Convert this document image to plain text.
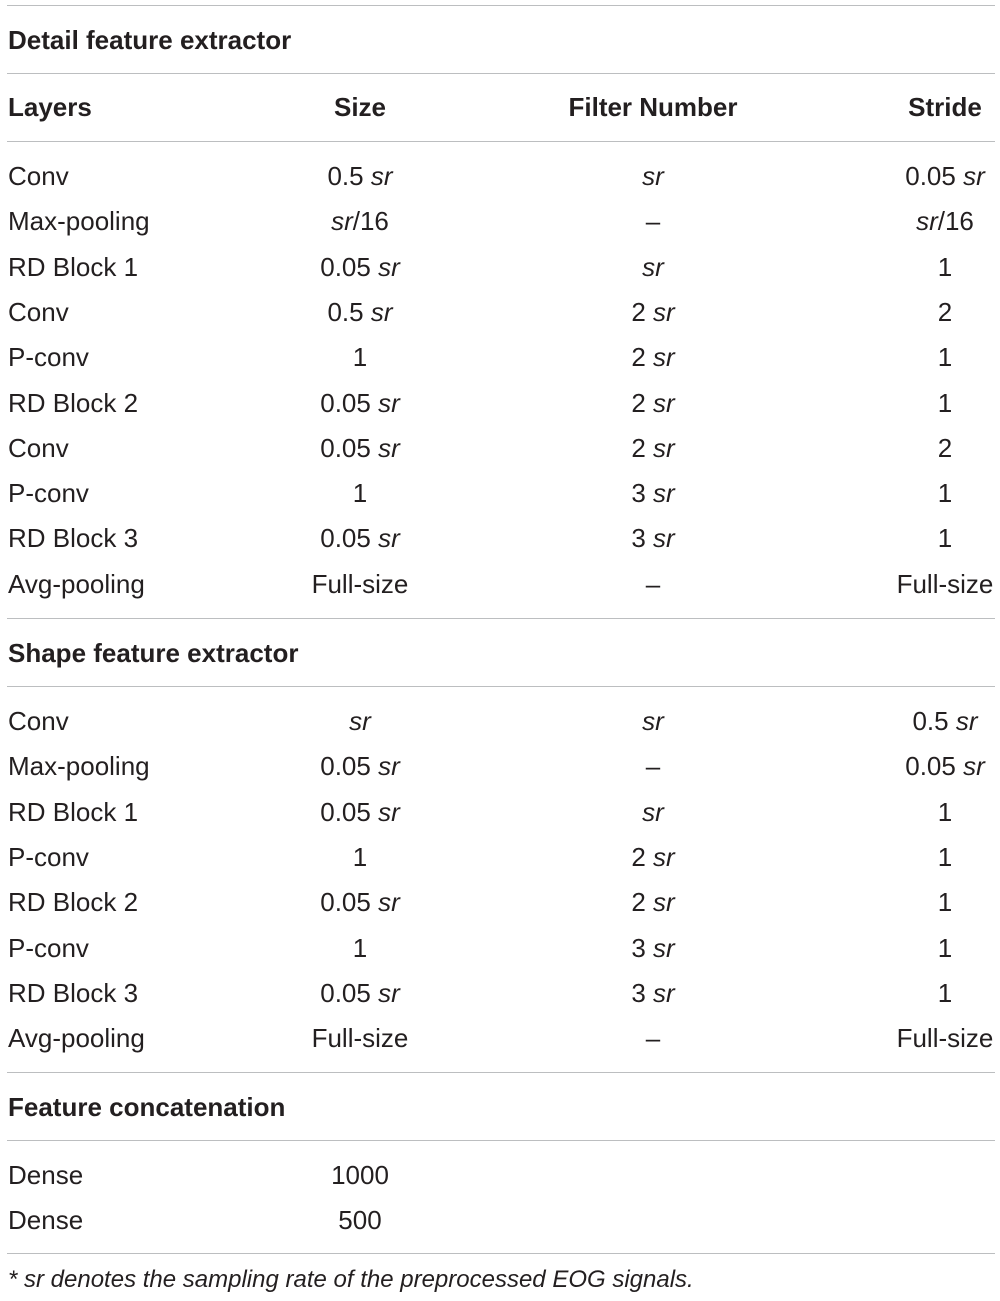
Detail feature extractor
Layers	Size	Filter Number	Stride
Conv	0.5 sr	sr	0.05 sr
Max-pooling	sr/16	–	sr/16
RD Block 1	0.05 sr	sr	1
Conv	0.5 sr	2 sr	2
P-conv	1	2 sr	1
RD Block 2	0.05 sr	2 sr	1
Conv	0.05 sr	2 sr	2
P-conv	1	3 sr	1
RD Block 3	0.05 sr	3 sr	1
Avg-pooling	Full-size	–	Full-size
Shape feature extractor
Conv	sr	sr	0.5 sr
Max-pooling	0.05 sr	–	0.05 sr
RD Block 1	0.05 sr	sr	1
P-conv	1	2 sr	1
RD Block 2	0.05 sr	2 sr	1
P-conv	1	3 sr	1
RD Block 3	0.05 sr	3 sr	1
Avg-pooling	Full-size	–	Full-size
Feature concatenation
Dense	1000
Dense	500
* sr denotes the sampling rate of the preprocessed EOG signals.
